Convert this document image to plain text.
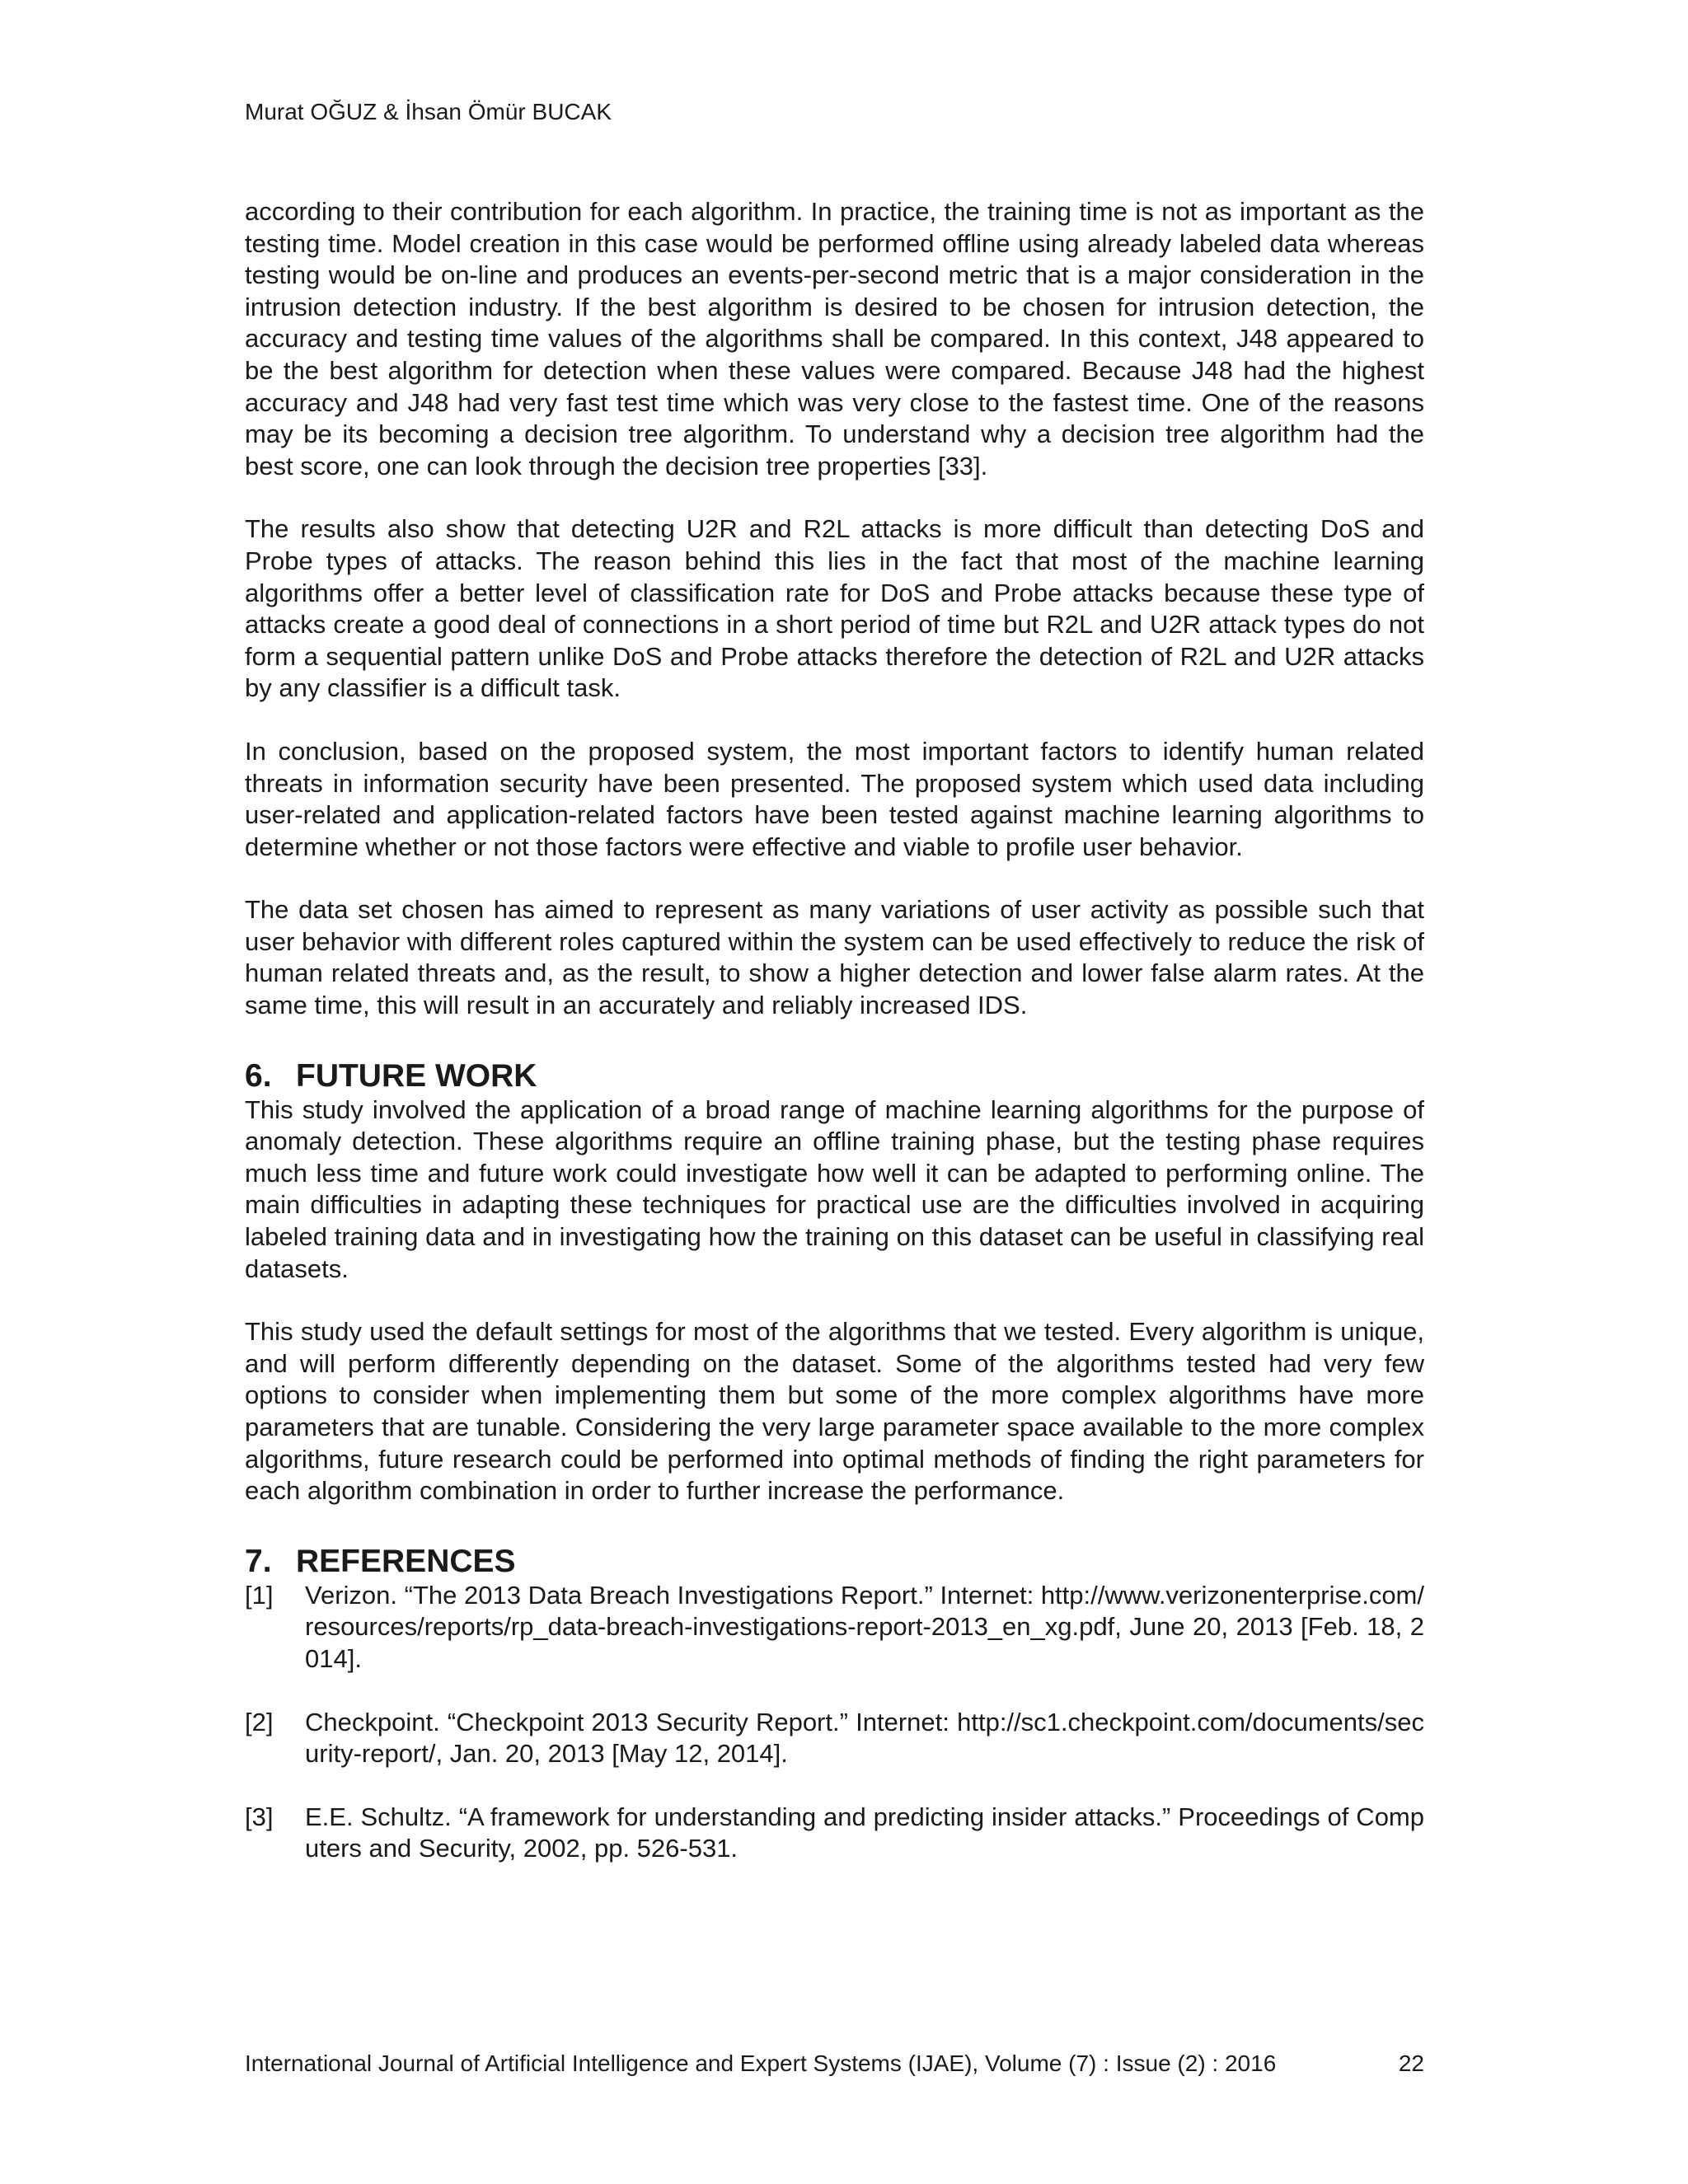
Murat OĞUZ & İhsan Ömür BUCAK

according to their contribution for each algorithm. In practice, the training time is not as important as the testing time. Model creation in this case would be performed offline using already labeled data whereas testing would be on-line and produces an events-per-second metric that is a major consideration in the intrusion detection industry. If the best algorithm is desired to be chosen for intrusion detection, the accuracy and testing time values of the algorithms shall be compared. In this context, J48 appeared to be the best algorithm for detection when these values were compared. Because J48 had the highest accuracy and J48 had very fast test time which was very close to the fastest time. One of the reasons may be its becoming a decision tree algorithm. To understand why a decision tree algorithm had the best score, one can look through the decision tree properties [33].

The results also show that detecting U2R and R2L attacks is more difficult than detecting DoS and Probe types of attacks. The reason behind this lies in the fact that most of the machine learning algorithms offer a better level of classification rate for DoS and Probe attacks because these type of attacks create a good deal of connections in a short period of time but R2L and U2R attack types do not form a sequential pattern unlike DoS and Probe attacks therefore the detection of R2L and U2R attacks by any classifier is a difficult task.

In conclusion, based on the proposed system, the most important factors to identify human related threats in information security have been presented. The proposed system which used data including user-related and application-related factors have been tested against machine learning algorithms to determine whether or not those factors were effective and viable to profile user behavior.

The data set chosen has aimed to represent as many variations of user activity as possible such that user behavior with different roles captured within the system can be used effectively to reduce the risk of human related threats and, as the result, to show a higher detection and lower false alarm rates. At the same time, this will result in an accurately and reliably increased IDS.

6. FUTURE WORK

This study involved the application of a broad range of machine learning algorithms for the purpose of anomaly detection. These algorithms require an offline training phase, but the testing phase requires much less time and future work could investigate how well it can be adapted to performing online. The main difficulties in adapting these techniques for practical use are the difficulties involved in acquiring labeled training data and in investigating how the training on this dataset can be useful in classifying real datasets.

This study used the default settings for most of the algorithms that we tested. Every algorithm is unique, and will perform differently depending on the dataset. Some of the algorithms tested had very few options to consider when implementing them but some of the more complex algorithms have more parameters that are tunable. Considering the very large parameter space available to the more complex algorithms, future research could be performed into optimal methods of finding the right parameters for each algorithm combination in order to further increase the performance.

7. REFERENCES
[1] Verizon. “The 2013 Data Breach Investigations Report.” Internet: http://www.verizonenterprise.com/resources/reports/rp_data-breach-investigations-report-2013_en_xg.pdf, June 20, 2013 [Feb. 18, 2014].
[2] Checkpoint. “Checkpoint 2013 Security Report.” Internet: http://sc1.checkpoint.com/documents/security-report/, Jan. 20, 2013 [May 12, 2014].
[3] E.E. Schultz. “A framework for understanding and predicting insider attacks.” Proceedings of Computers and Security, 2002, pp. 526-531.
International Journal of Artificial Intelligence and Expert Systems (IJAE), Volume (7) : Issue (2) : 2016	22
